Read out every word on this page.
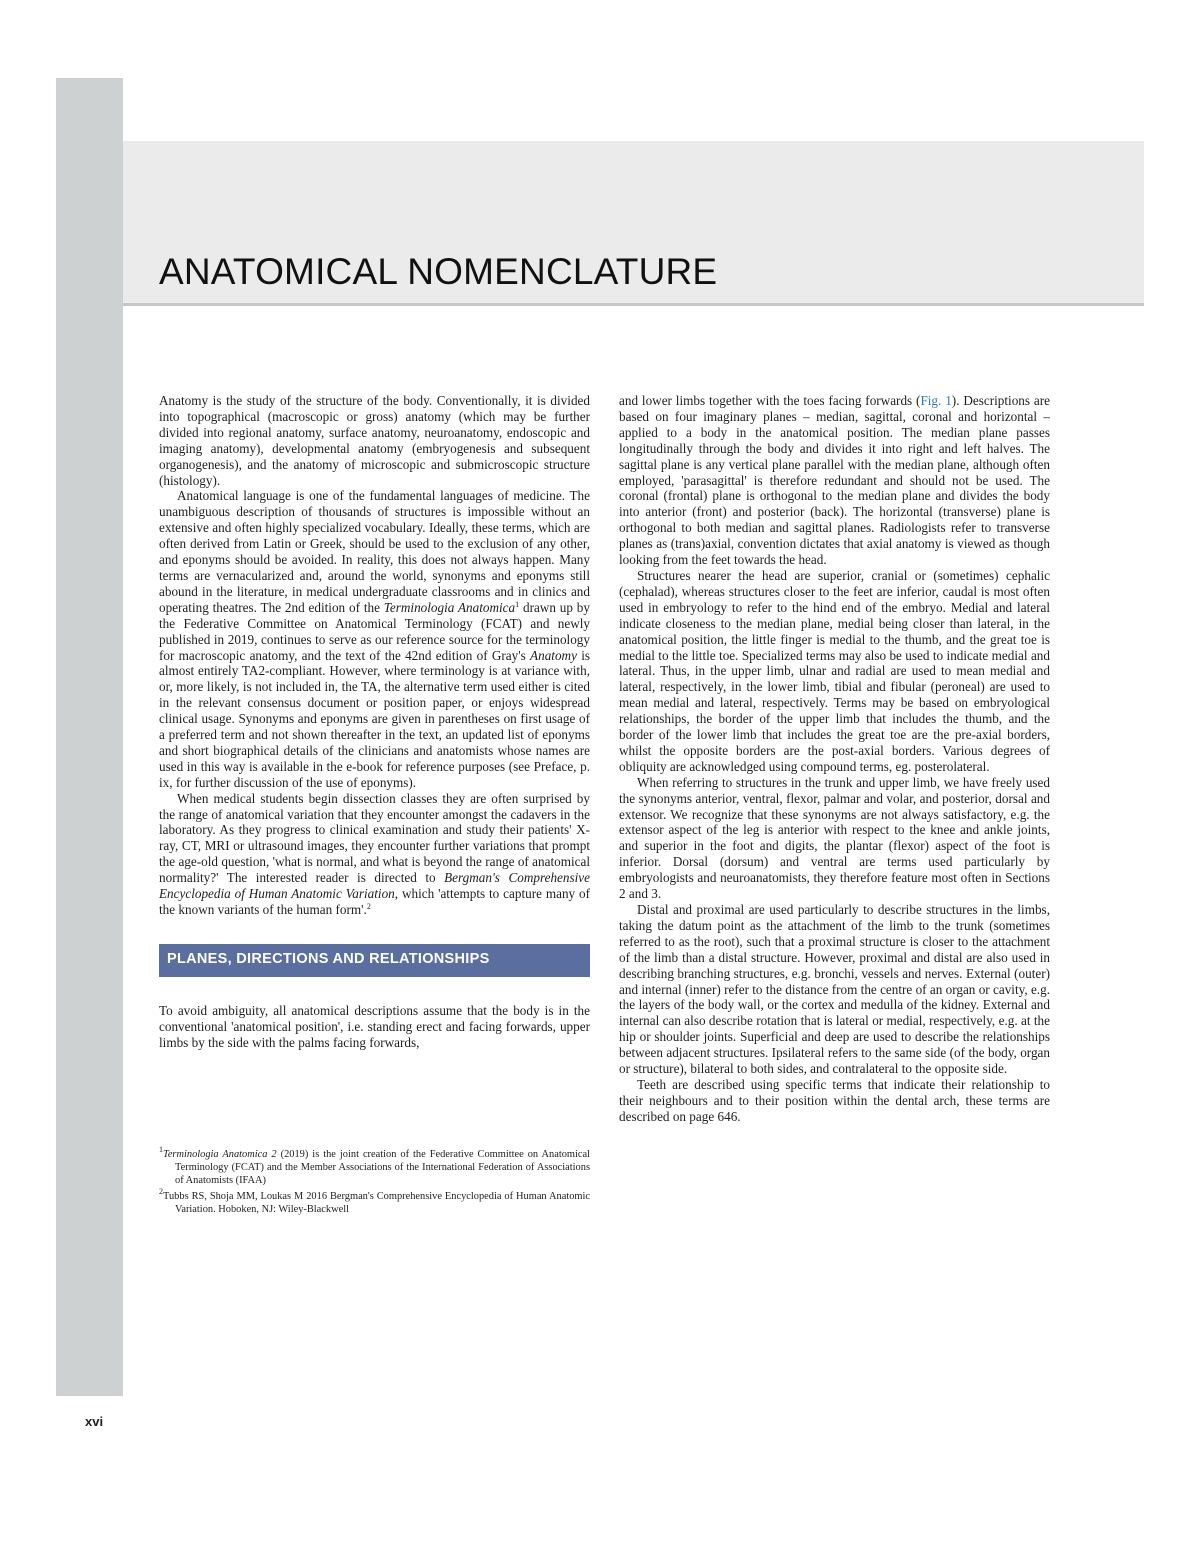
ANATOMICAL NOMENCLATURE

Anatomy is the study of the structure of the body. Conventionally, it is divided into topographical (macroscopic or gross) anatomy (which may be further divided into regional anatomy, surface anatomy, neuroanatomy, endoscopic and imaging anatomy), developmental anatomy (embryogenesis and subsequent organogenesis), and the anatomy of microscopic and submicroscopic structure (histology).

Anatomical language is one of the fundamental languages of medicine. The unambiguous description of thousands of structures is impossible without an extensive and often highly specialized vocabulary. Ideally, these terms, which are often derived from Latin or Greek, should be used to the exclusion of any other, and eponyms should be avoided. In reality, this does not always happen. Many terms are vernacularized and, around the world, synonyms and eponyms still abound in the literature, in medical undergraduate classrooms and in clinics and operating theatres. The 2nd edition of the Terminologia Anatomica$^1$ drawn up by the Federative Committee on Anatomical Terminology (FCAT) and newly published in 2019, continues to serve as our reference source for the terminology for macroscopic anatomy, and the text of the 42nd edition of Gray's Anatomy is almost entirely TA2-compliant. However, where terminology is at variance with, or, more likely, is not included in, the TA, the alternative term used either is cited in the relevant consensus document or position paper, or enjoys widespread clinical usage. Synonyms and eponyms are given in parentheses on first usage of a preferred term and not shown thereafter in the text, an updated list of eponyms and short biographical details of the clinicians and anatomists whose names are used in this way is available in the e-book for reference purposes (see Preface, p. ix, for further discussion of the use of eponyms).

When medical students begin dissection classes they are often surprised by the range of anatomical variation that they encounter amongst the cadavers in the laboratory. As they progress to clinical examination and study their patients' X-ray, CT, MRI or ultrasound images, they encounter further variations that prompt the age-old question, 'what is normal, and what is beyond the range of anatomical normality?' The interested reader is directed to Bergman's Comprehensive Encyclopedia of Human Anatomic Variation, which 'attempts to capture many of the known variants of the human form'.$^2$

PLANES, DIRECTIONS AND RELATIONSHIPS

To avoid ambiguity, all anatomical descriptions assume that the body is in the conventional 'anatomical position', i.e. standing erect and facing forwards, upper limbs by the side with the palms facing forwards,

$^1$Terminologia Anatomica 2 (2019) is the joint creation of the Federative Committee on Anatomical Terminology (FCAT) and the Member Associations of the International Federation of Associations of Anatomists (IFAA)

$^2$Tubbs RS, Shoja MM, Loukas M 2016 Bergman's Comprehensive Encyclopedia of Human Anatomic Variation. Hoboken, NJ: Wiley-Blackwell

and lower limbs together with the toes facing forwards (Fig. 1). Descriptions are based on four imaginary planes – median, sagittal, coronal and horizontal – applied to a body in the anatomical position. The median plane passes longitudinally through the body and divides it into right and left halves. The sagittal plane is any vertical plane parallel with the median plane, although often employed, 'parasagittal' is therefore redundant and should not be used. The coronal (frontal) plane is orthogonal to the median plane and divides the body into anterior (front) and posterior (back). The horizontal (transverse) plane is orthogonal to both median and sagittal planes. Radiologists refer to transverse planes as (trans)axial, convention dictates that axial anatomy is viewed as though looking from the feet towards the head.

Structures nearer the head are superior, cranial or (sometimes) cephalic (cephalad), whereas structures closer to the feet are inferior, caudal is most often used in embryology to refer to the hind end of the embryo. Medial and lateral indicate closeness to the median plane, medial being closer than lateral, in the anatomical position, the little finger is medial to the thumb, and the great toe is medial to the little toe. Specialized terms may also be used to indicate medial and lateral. Thus, in the upper limb, ulnar and radial are used to mean medial and lateral, respectively, in the lower limb, tibial and fibular (peroneal) are used to mean medial and lateral, respectively. Terms may be based on embryological relationships, the border of the upper limb that includes the thumb, and the border of the lower limb that includes the great toe are the pre-axial borders, whilst the opposite borders are the post-axial borders. Various degrees of obliquity are acknowledged using compound terms, eg. posterolateral.

When referring to structures in the trunk and upper limb, we have freely used the synonyms anterior, ventral, flexor, palmar and volar, and posterior, dorsal and extensor. We recognize that these synonyms are not always satisfactory, e.g. the extensor aspect of the leg is anterior with respect to the knee and ankle joints, and superior in the foot and digits, the plantar (flexor) aspect of the foot is inferior. Dorsal (dorsum) and ventral are terms used particularly by embryologists and neuroanatomists, they therefore feature most often in Sections 2 and 3.

Distal and proximal are used particularly to describe structures in the limbs, taking the datum point as the attachment of the limb to the trunk (sometimes referred to as the root), such that a proximal structure is closer to the attachment of the limb than a distal structure. However, proximal and distal are also used in describing branching structures, e.g. bronchi, vessels and nerves. External (outer) and internal (inner) refer to the distance from the centre of an organ or cavity, e.g. the layers of the body wall, or the cortex and medulla of the kidney. External and internal can also describe rotation that is lateral or medial, respectively, e.g. at the hip or shoulder joints. Superficial and deep are used to describe the relationships between adjacent structures. Ipsilateral refers to the same side (of the body, organ or structure), bilateral to both sides, and contralateral to the opposite side.

Teeth are described using specific terms that indicate their relationship to their neighbours and to their position within the dental arch, these terms are described on page 646.

xvi
